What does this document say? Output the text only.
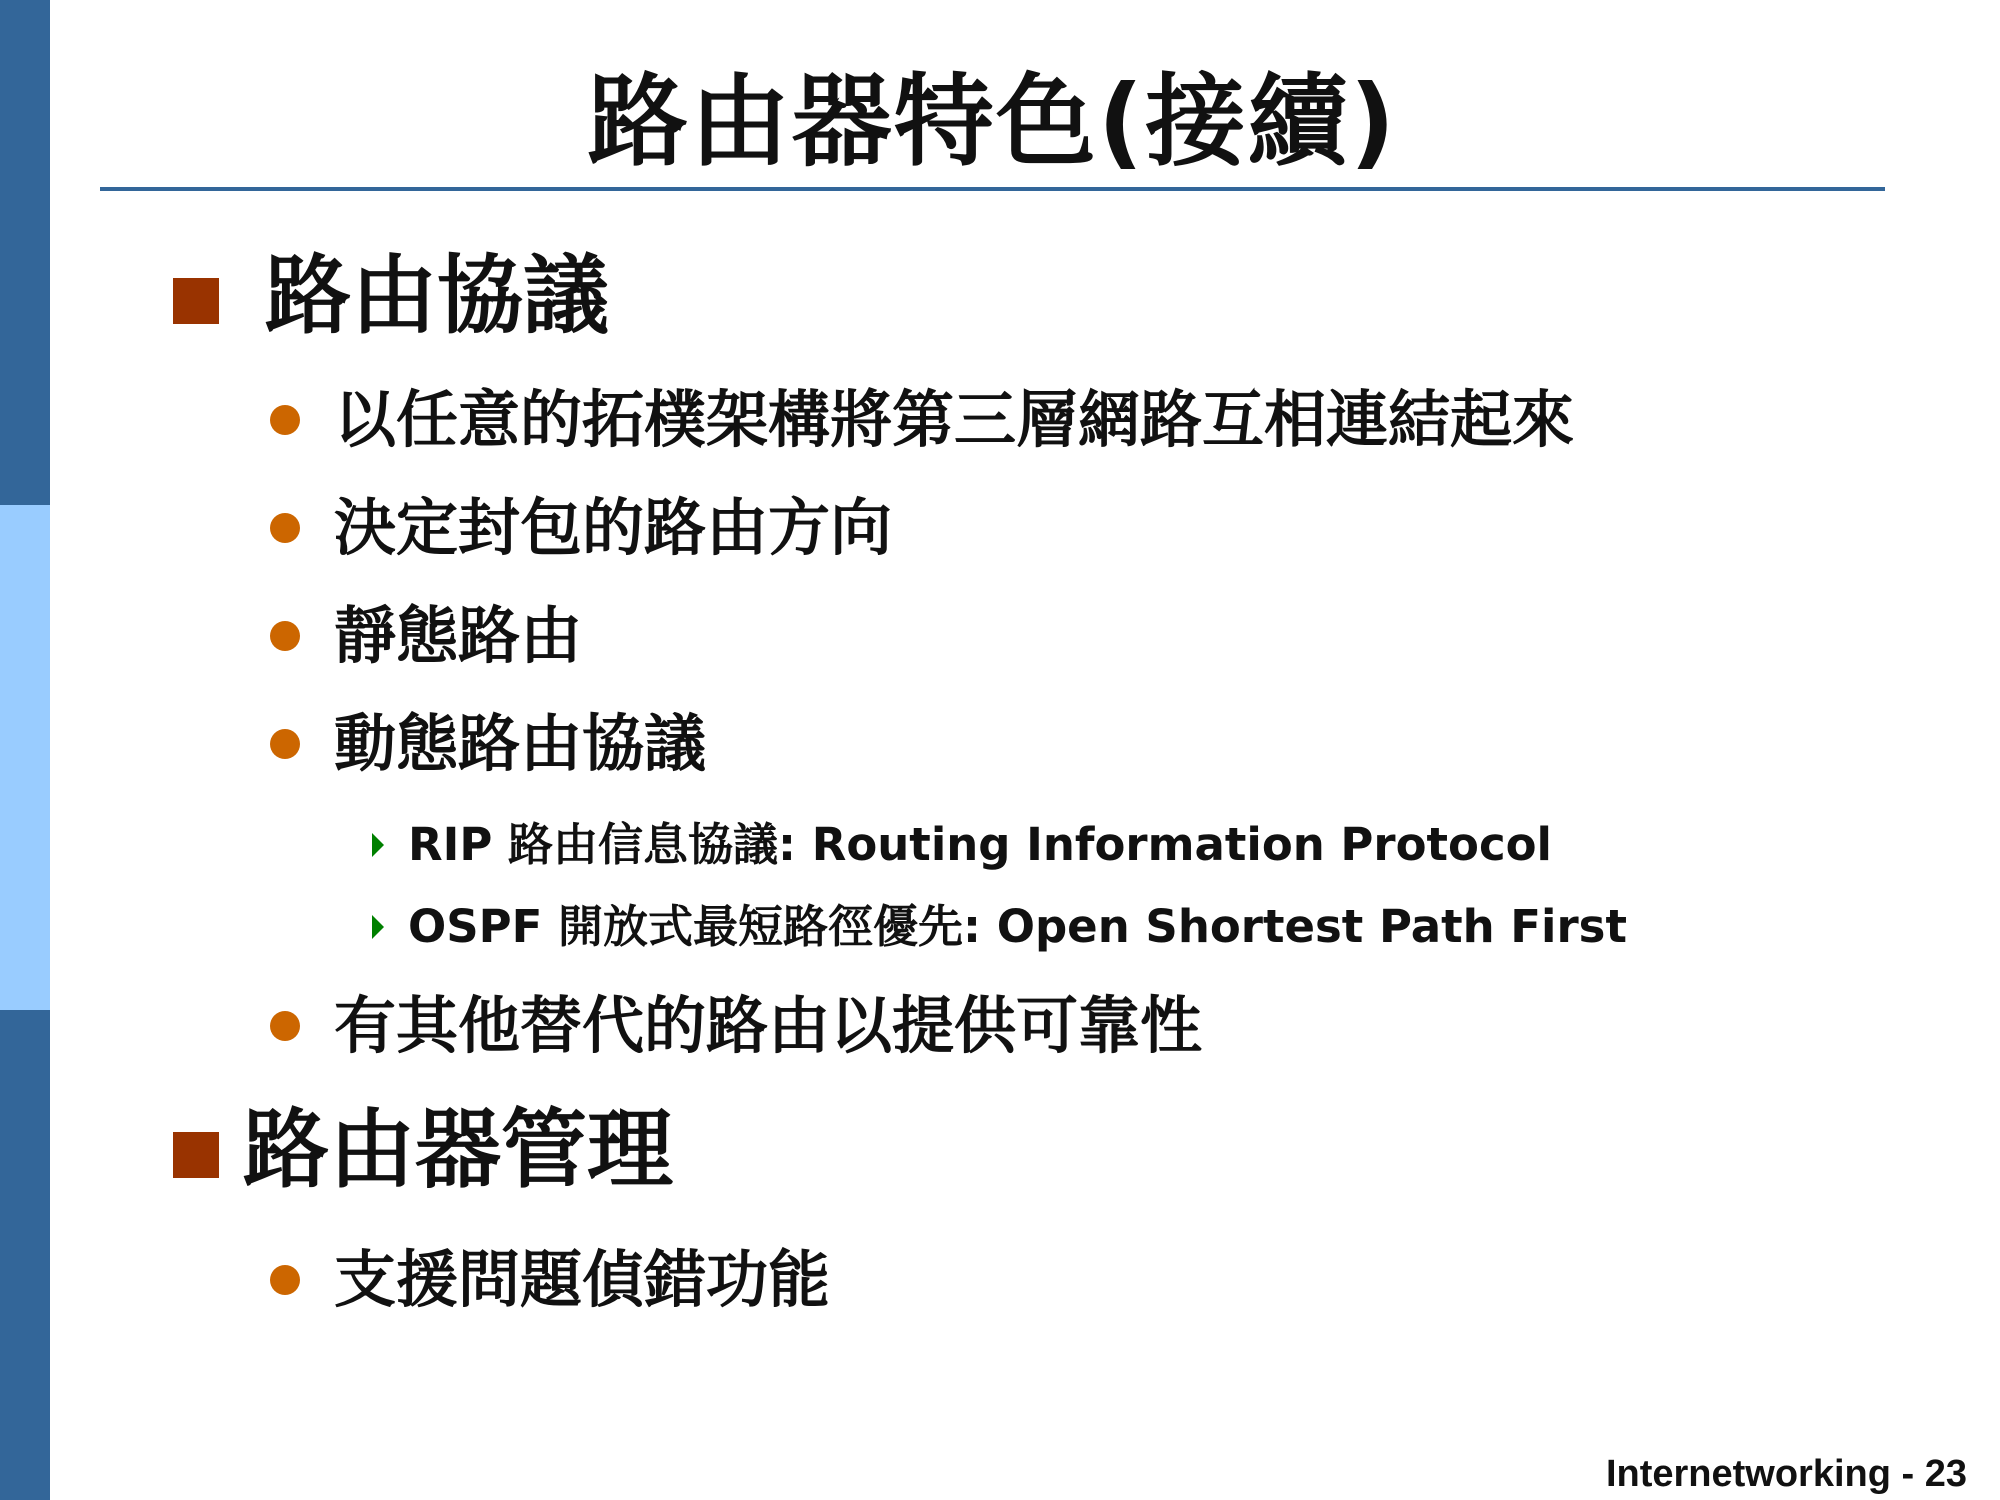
路由器特色(接續)
路由協議
以任意的拓樸架構將第三層網路互相連結起來
決定封包的路由方向
靜態路由
動態路由協議
RIP 路由信息協議: Routing Information Protocol
OSPF 開放式最短路徑優先: Open Shortest Path First
有其他替代的路由以提供可靠性
路由器管理
支援問題偵錯功能
Internetworking - 23
